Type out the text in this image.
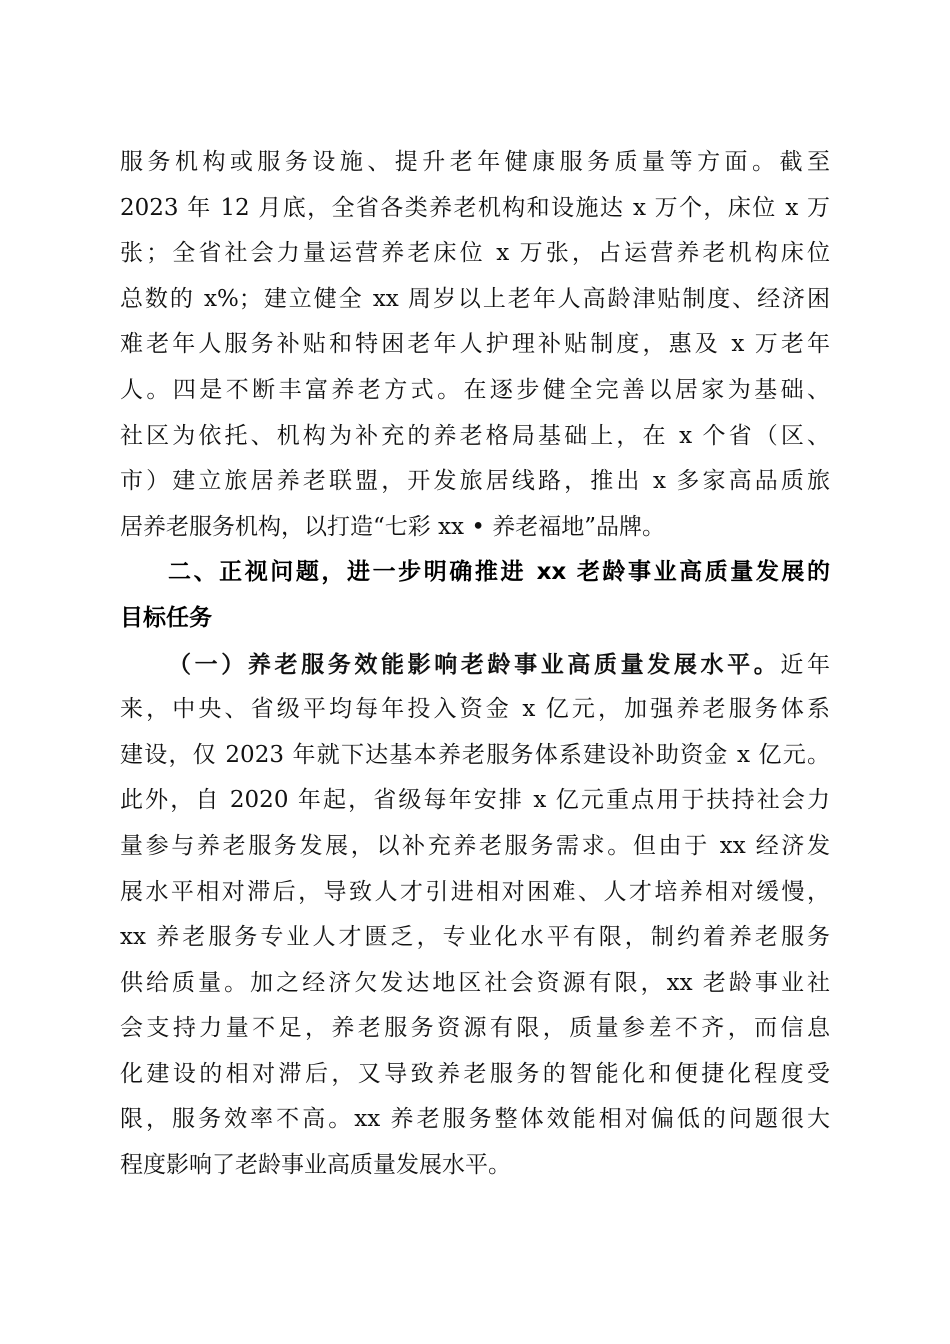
服务机构或服务设施、提升老年健康服务质量等方面。截至
2023 年 12 月底，全省各类养老机构和设施达 x 万个，床位 x 万
张；全省社会力量运营养老床位 x 万张，占运营养老机构床位
总数的 x%；建立健全 xx 周岁以上老年人高龄津贴制度、经济困
难老年人服务补贴和特困老年人护理补贴制度，惠及 x 万老年
人。四是不断丰富养老方式。在逐步健全完善以居家为基础、
社区为依托、机构为补充的养老格局基础上，在 x 个省（区、
市）建立旅居养老联盟，开发旅居线路，推出 x 多家高品质旅
居养老服务机构，以打造“七彩 xx • 养老福地”品牌。
二、正视问题，进一步明确推进 xx 老龄事业高质量发展的
目标任务
（一）养老服务效能影响老龄事业高质量发展水平。近年
来，中央、省级平均每年投入资金 x 亿元，加强养老服务体系
建设，仅 2023 年就下达基本养老服务体系建设补助资金 x 亿元。
此外，自 2020 年起，省级每年安排 x 亿元重点用于扶持社会力
量参与养老服务发展，以补充养老服务需求。但由于 xx 经济发
展水平相对滞后，导致人才引进相对困难、人才培养相对缓慢，
xx 养老服务专业人才匮乏，专业化水平有限，制约着养老服务
供给质量。加之经济欠发达地区社会资源有限，xx 老龄事业社
会支持力量不足，养老服务资源有限，质量参差不齐，而信息
化建设的相对滞后，又导致养老服务的智能化和便捷化程度受
限，服务效率不高。xx 养老服务整体效能相对偏低的问题很大
程度影响了老龄事业高质量发展水平。
